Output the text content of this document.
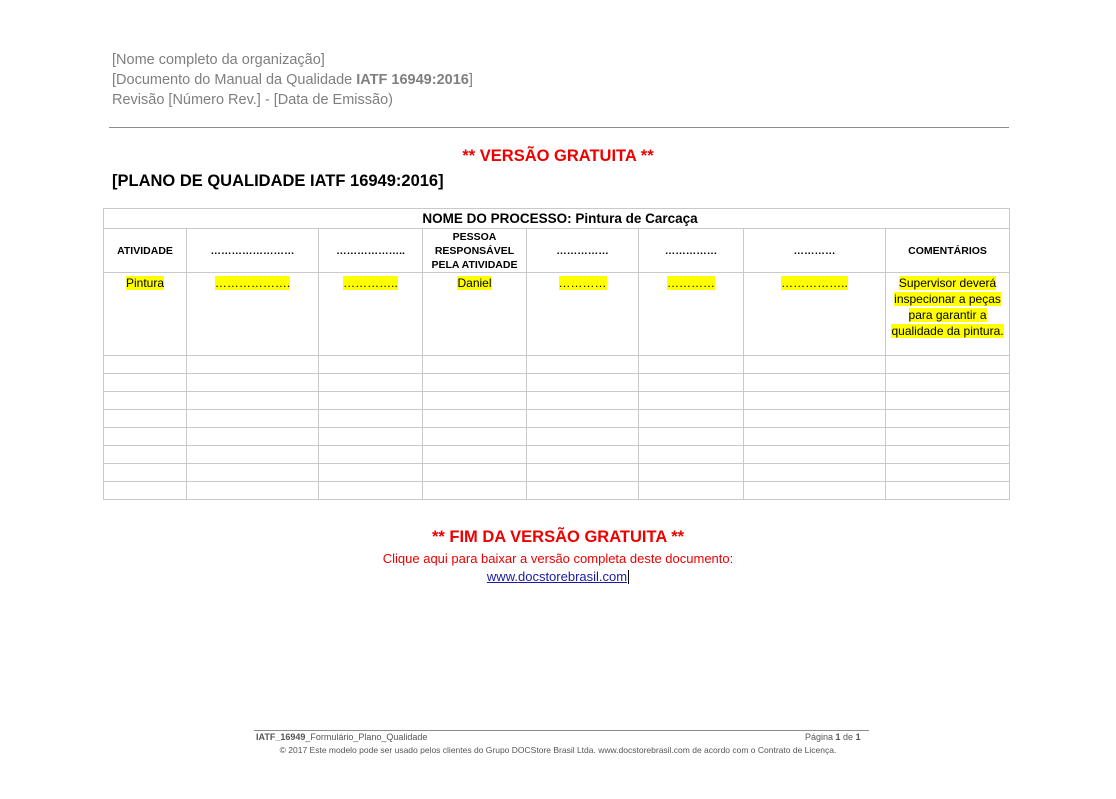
[Nome completo da organização]
[Documento do Manual da Qualidade IATF 16949:2016]
Revisão [Número Rev.] - [Data de Emissão)
** VERSÃO GRATUITA **
[PLANO DE QUALIDADE IATF 16949:2016]
NOME DO PROCESSO: Pintura de Carcaça							
ATIVIDADE	……………………	………………..	PESSOA RESPONSÁVEL PELA ATIVIDADE	……………	……………	…………	COMENTÁRIOS
Pintura	……………….	…………..	Daniel	…………	…………	……………..	Supervisor deverá inspecionar a peças para garantir a qualidade da pintura.

** FIM DA VERSÃO GRATUITA **
Clique aqui para baixar a versão completa deste documento:
www.docstorebrasil.com
IATF_16949_Formulário_Plano_Qualidade	Página 1 de 1
© 2017 Este modelo pode ser usado pelos clientes do Grupo DOCStore Brasil Ltda. www.docstorebrasil.com de acordo com o Contrato de Licença.
